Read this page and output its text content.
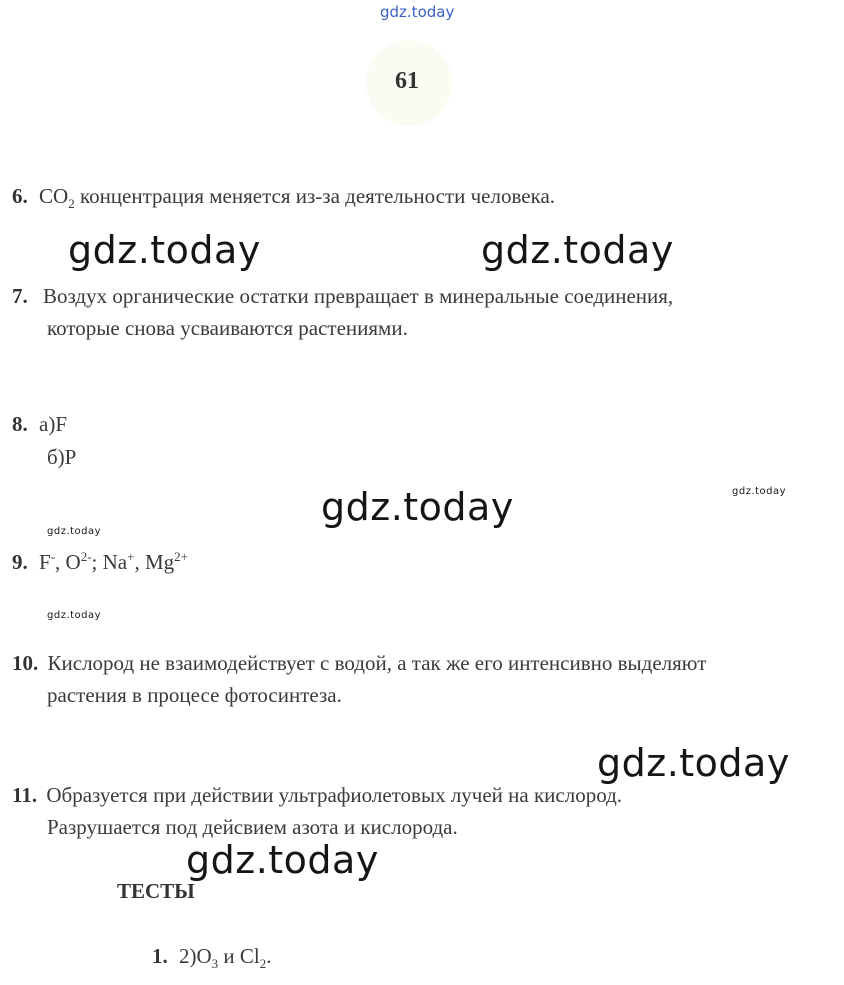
gdz.today
61
6. $CO_2$ концентрация меняется из-за деятельности человека.
gdz.today	gdz.today
7. Воздух органические остатки превращает в минеральные соединения,
которые снова усваиваются растениями.
8. а)F
б)P
gdz.today
gdz.today
gdz.today
9. F-, $O^{2-}$; Na+, $Mg^{2+}$
gdz.today
10. Кислород не взаимодействует с водой, а так же его интенсивно выделяют
растения в процесе фотосинтеза.
gdz.today
11. Образуется при действии ультрафиолетовых лучей на кислород.
Разрушается под дейсвием азота и кислорода.
gdz.today
ТЕСТЫ
1. $2)O_3$ и $Cl_2$.
